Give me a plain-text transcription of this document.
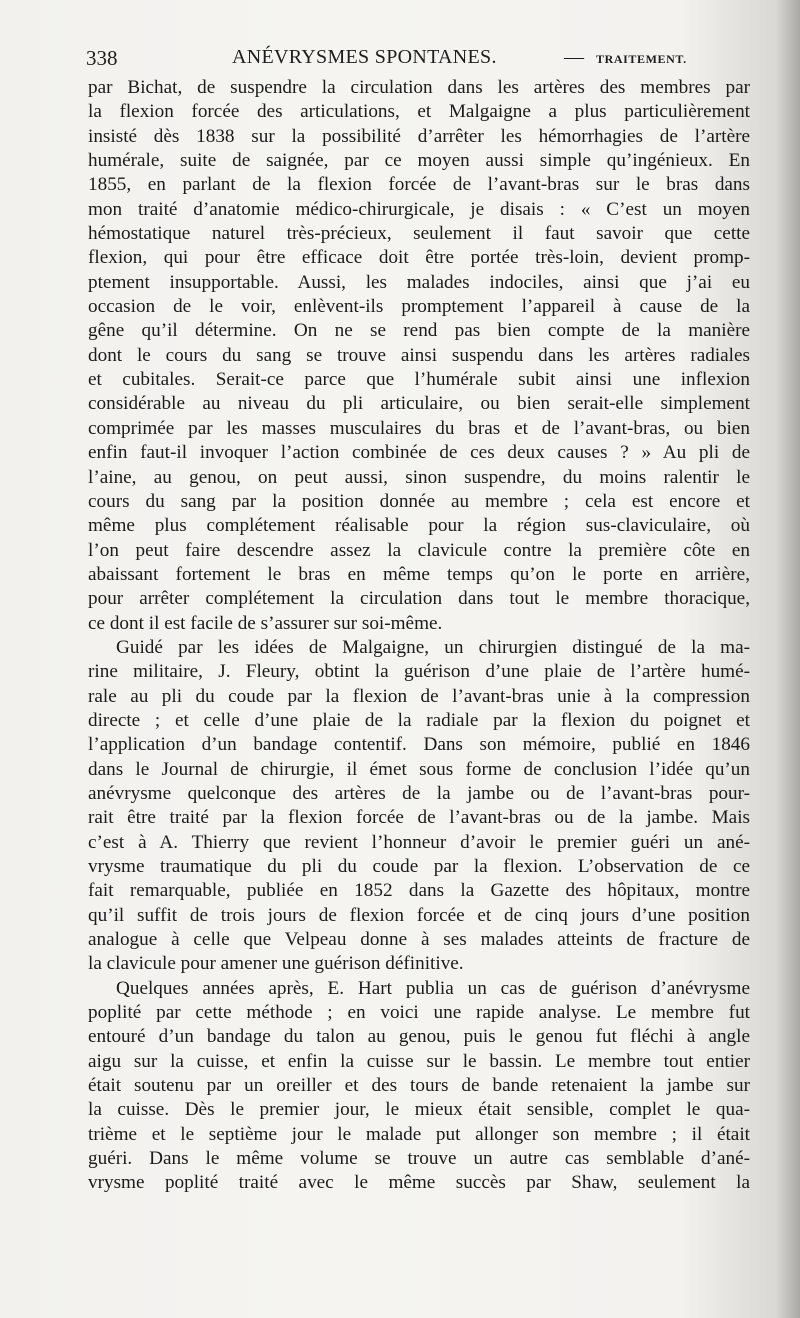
338	ANÉVRYSMES SPONTANES.	— TRAITEMENT.
par Bichat, de suspendre la circulation dans les artères des membres par
la flexion forcée des articulations, et Malgaigne a plus particulièrement
insisté dès 1838 sur la possibilité d’arrêter les hémorrhagies de l’artère
humérale, suite de saignée, par ce moyen aussi simple qu’ingénieux. En
1855, en parlant de la flexion forcée de l’avant-bras sur le bras dans
mon traité d’anatomie médico-chirurgicale, je disais : « C’est un moyen
hémostatique naturel très-précieux, seulement il faut savoir que cette
flexion, qui pour être efficace doit être portée très-loin, devient promp-
ptement insupportable. Aussi, les malades indociles, ainsi que j’ai eu
occasion de le voir, enlèvent-ils promptement l’appareil à cause de la
gêne qu’il détermine. On ne se rend pas bien compte de la manière
dont le cours du sang se trouve ainsi suspendu dans les artères radiales
et cubitales. Serait-ce parce que l’humérale subit ainsi une inflexion
considérable au niveau du pli articulaire, ou bien serait-elle simplement
comprimée par les masses musculaires du bras et de l’avant-bras, ou bien
enfin faut-il invoquer l’action combinée de ces deux causes ? » Au pli de
l’aine, au genou, on peut aussi, sinon suspendre, du moins ralentir le
cours du sang par la position donnée au membre ; cela est encore et
même plus complétement réalisable pour la région sus-claviculaire, où
l’on peut faire descendre assez la clavicule contre la première côte en
abaissant fortement le bras en même temps qu’on le porte en arrière,
pour arrêter complétement la circulation dans tout le membre thoracique,
ce dont il est facile de s’assurer sur soi-même.
Guidé par les idées de Malgaigne, un chirurgien distingué de la ma-
rine militaire, J. Fleury, obtint la guérison d’une plaie de l’artère humé-
rale au pli du coude par la flexion de l’avant-bras unie à la compression
directe ; et celle d’une plaie de la radiale par la flexion du poignet et
l’application d’un bandage contentif. Dans son mémoire, publié en 1846
dans le Journal de chirurgie, il émet sous forme de conclusion l’idée qu’un
anévrysme quelconque des artères de la jambe ou de l’avant-bras pour-
rait être traité par la flexion forcée de l’avant-bras ou de la jambe. Mais
c’est à A. Thierry que revient l’honneur d’avoir le premier guéri un ané-
vrysme traumatique du pli du coude par la flexion. L’observation de ce
fait remarquable, publiée en 1852 dans la Gazette des hôpitaux, montre
qu’il suffit de trois jours de flexion forcée et de cinq jours d’une position
analogue à celle que Velpeau donne à ses malades atteints de fracture de
la clavicule pour amener une guérison définitive.
Quelques années après, E. Hart publia un cas de guérison d’anévrysme
poplité par cette méthode ; en voici une rapide analyse. Le membre fut
entouré d’un bandage du talon au genou, puis le genou fut fléchi à angle
aigu sur la cuisse, et enfin la cuisse sur le bassin. Le membre tout entier
était soutenu par un oreiller et des tours de bande retenaient la jambe sur
la cuisse. Dès le premier jour, le mieux était sensible, complet le qua-
trième et le septième jour le malade put allonger son membre ; il était
guéri. Dans le même volume se trouve un autre cas semblable d’ané-
vrysme poplité traité avec le même succès par Shaw, seulement la
